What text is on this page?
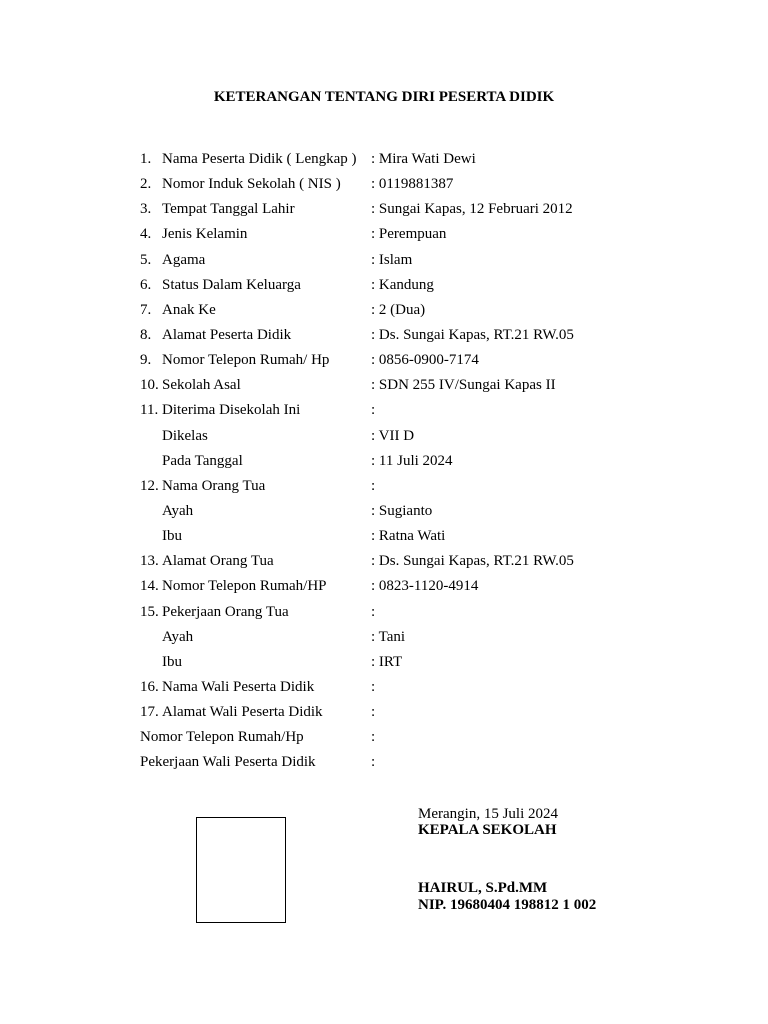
KETERANGAN TENTANG DIRI PESERTA DIDIK
1. Nama Peserta Didik ( Lengkap ) : Mira Wati Dewi
2. Nomor Induk Sekolah ( NIS ) : 0119881387
3. Tempat Tanggal Lahir	: Sungai Kapas, 12 Februari 2012
4. Jenis Kelamin	: Perempuan
5. Agama	: Islam
6. Status Dalam Keluarga	: Kandung
7. Anak Ke	: 2 (Dua)
8. Alamat Peserta Didik	: Ds. Sungai Kapas, RT.21 RW.05
9. Nomor Telepon Rumah/ Hp	: 0856-0900-7174
10. Sekolah Asal	: SDN 255 IV/Sungai Kapas II
11. Diterima Disekolah Ini	:
Dikelas	: VII D
Pada Tanggal	: 11 Juli 2024
12. Nama Orang Tua	:
Ayah	: Sugianto
Ibu	: Ratna Wati
13. Alamat Orang Tua	: Ds. Sungai Kapas, RT.21 RW.05
14. Nomor Telepon Rumah/HP	: 0823-1120-4914
15. Pekerjaan Orang Tua	:
Ayah	: Tani
Ibu	: IRT
16. Nama Wali Peserta Didik	:
17. Alamat Wali Peserta Didik	:
Nomor Telepon Rumah/Hp	:
Pekerjaan Wali Peserta Didik	:
Merangin, 15 Juli 2024
KEPALA SEKOLAH
HAIRUL, S.Pd.MM
NIP. 19680404 198812 1 002
